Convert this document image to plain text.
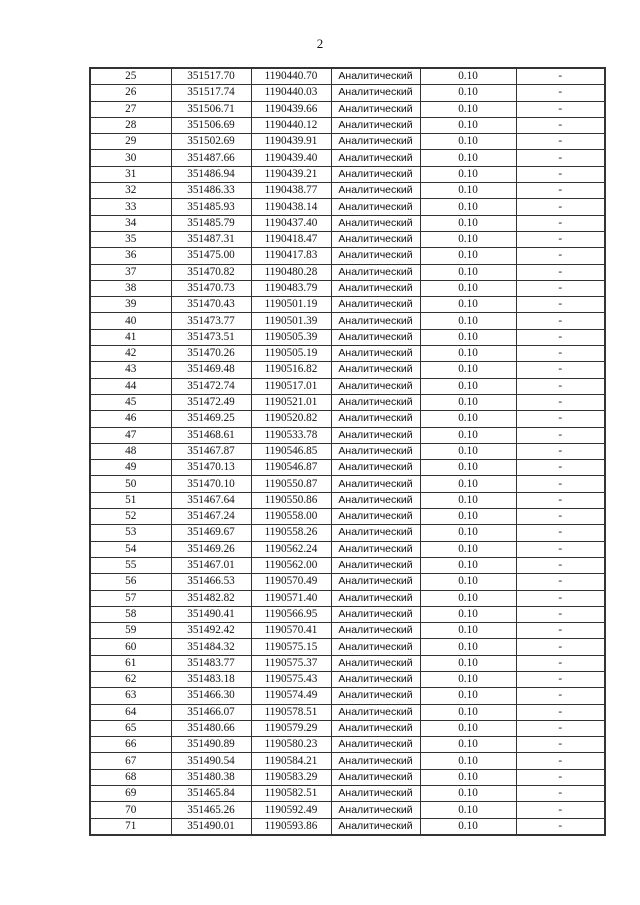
2
25	351517.70	1190440.70	Аналитический	0.10	-
26	351517.74	1190440.03	Аналитический	0.10	-
27	351506.71	1190439.66	Аналитический	0.10	-
28	351506.69	1190440.12	Аналитический	0.10	-
29	351502.69	1190439.91	Аналитический	0.10	-
30	351487.66	1190439.40	Аналитический	0.10	-
31	351486.94	1190439.21	Аналитический	0.10	-
32	351486.33	1190438.77	Аналитический	0.10	-
33	351485.93	1190438.14	Аналитический	0.10	-
34	351485.79	1190437.40	Аналитический	0.10	-
35	351487.31	1190418.47	Аналитический	0.10	-
36	351475.00	1190417.83	Аналитический	0.10	-
37	351470.82	1190480.28	Аналитический	0.10	-
38	351470.73	1190483.79	Аналитический	0.10	-
39	351470.43	1190501.19	Аналитический	0.10	-
40	351473.77	1190501.39	Аналитический	0.10	-
41	351473.51	1190505.39	Аналитический	0.10	-
42	351470.26	1190505.19	Аналитический	0.10	-
43	351469.48	1190516.82	Аналитический	0.10	-
44	351472.74	1190517.01	Аналитический	0.10	-
45	351472.49	1190521.01	Аналитический	0.10	-
46	351469.25	1190520.82	Аналитический	0.10	-
47	351468.61	1190533.78	Аналитический	0.10	-
48	351467.87	1190546.85	Аналитический	0.10	-
49	351470.13	1190546.87	Аналитический	0.10	-
50	351470.10	1190550.87	Аналитический	0.10	-
51	351467.64	1190550.86	Аналитический	0.10	-
52	351467.24	1190558.00	Аналитический	0.10	-
53	351469.67	1190558.26	Аналитический	0.10	-
54	351469.26	1190562.24	Аналитический	0.10	-
55	351467.01	1190562.00	Аналитический	0.10	-
56	351466.53	1190570.49	Аналитический	0.10	-
57	351482.82	1190571.40	Аналитический	0.10	-
58	351490.41	1190566.95	Аналитический	0.10	-
59	351492.42	1190570.41	Аналитический	0.10	-
60	351484.32	1190575.15	Аналитический	0.10	-
61	351483.77	1190575.37	Аналитический	0.10	-
62	351483.18	1190575.43	Аналитический	0.10	-
63	351466.30	1190574.49	Аналитический	0.10	-
64	351466.07	1190578.51	Аналитический	0.10	-
65	351480.66	1190579.29	Аналитический	0.10	-
66	351490.89	1190580.23	Аналитический	0.10	-
67	351490.54	1190584.21	Аналитический	0.10	-
68	351480.38	1190583.29	Аналитический	0.10	-
69	351465.84	1190582.51	Аналитический	0.10	-
70	351465.26	1190592.49	Аналитический	0.10	-
71	351490.01	1190593.86	Аналитический	0.10	-
